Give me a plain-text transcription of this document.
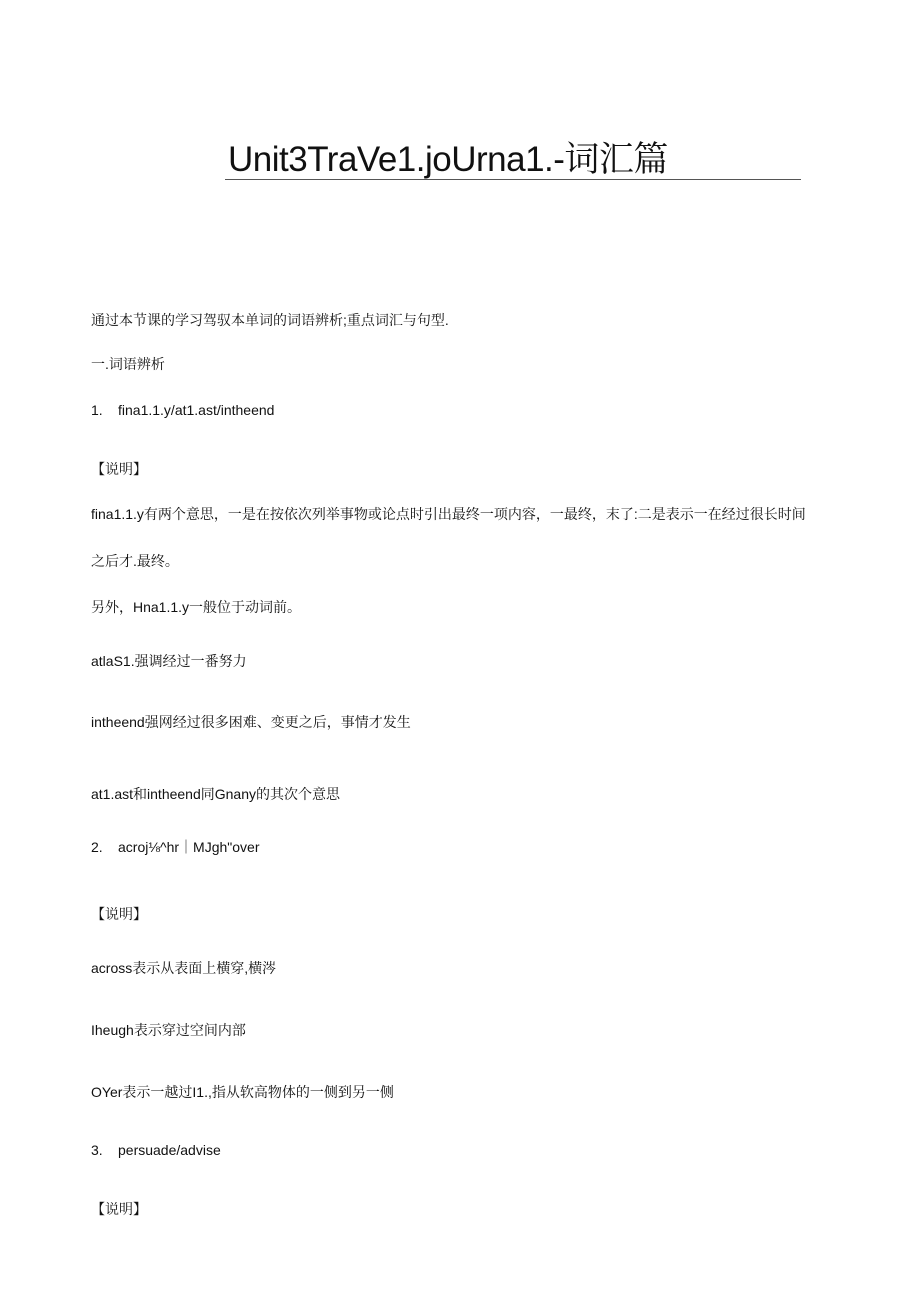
Unit3TraVe1.joUrna1.-词汇篇
通过本节课的学习驾驭本单词的词语辨析;重点词汇与句型.
一.词语辨析
1. fina1.1.y/at1.ast/intheend
【说明】
fina1.1.y有两个意思，一是在按依次列举事物或论点时引出最终一项内容，一最终，末了:二是表示一在经过很长时间
之后才.最终。
另外，Hna1.1.y一般位于动词前。
atlaS1.强调经过一番努力
intheend强网经过很多困难、变更之后，事情才发生
at1.ast和intheend同Gnany的其次个意思
2. acroj⅛^hr｜MJgh"over
【说明】
across表示从表面上横穿,横涔
Iheugh表示穿过空间内部
OYer表示一越过I1.,指从软高物体的一侧到另一侧
3. persuade/advise
【说明】
